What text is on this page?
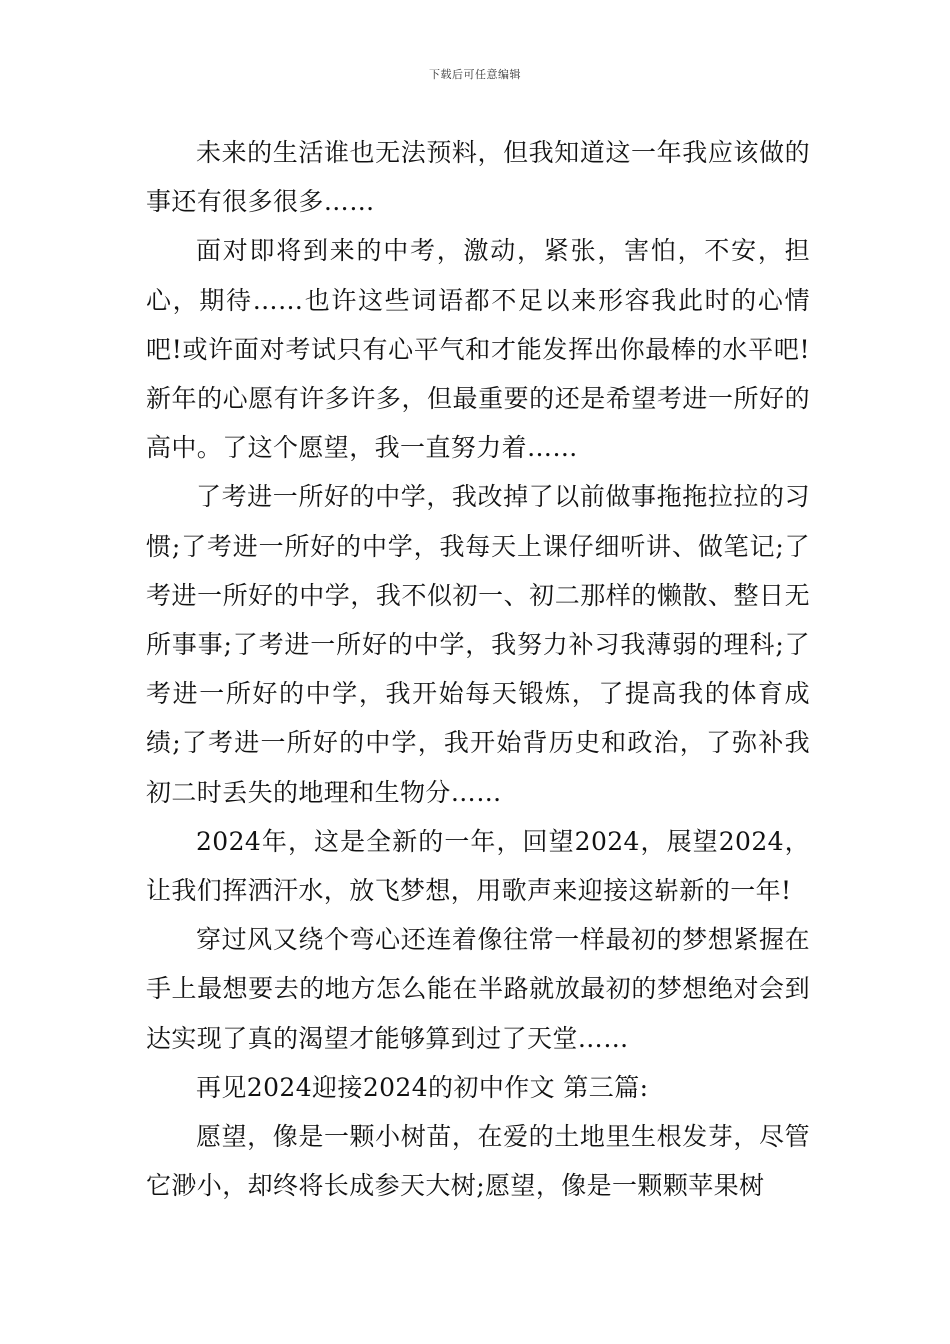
下载后可任意编辑

未来的生活谁也无法预料，但我知道这一年我应该做的事还有很多很多……

面对即将到来的中考，激动，紧张，害怕，不安，担心，期待……也许这些词语都不足以来形容我此时的心情吧!或许面对考试只有心平气和才能发挥出你最棒的水平吧!新年的心愿有许多许多，但最重要的还是希望考进一所好的高中。了这个愿望，我一直努力着……

了考进一所好的中学，我改掉了以前做事拖拖拉拉的习惯;了考进一所好的中学，我每天上课仔细听讲、做笔记;了考进一所好的中学，我不似初一、初二那样的懒散、整日无所事事;了考进一所好的中学，我努力补习我薄弱的理科;了考进一所好的中学，我开始每天锻炼，了提高我的体育成绩;了考进一所好的中学，我开始背历史和政治，了弥补我初二时丢失的地理和生物分……

2024年，这是全新的一年，回望2024，展望2024，让我们挥洒汗水，放飞梦想，用歌声来迎接这崭新的一年!

穿过风又绕个弯心还连着像往常一样最初的梦想紧握在手上最想要去的地方怎么能在半路就放最初的梦想绝对会到达实现了真的渴望才能够算到过了天堂……

再见2024迎接2024的初中作文 第三篇:

愿望，像是一颗小树苗，在爱的土地里生根发芽，尽管它渺小，却终将长成参天大树;愿望，像是一颗颗苹果树
